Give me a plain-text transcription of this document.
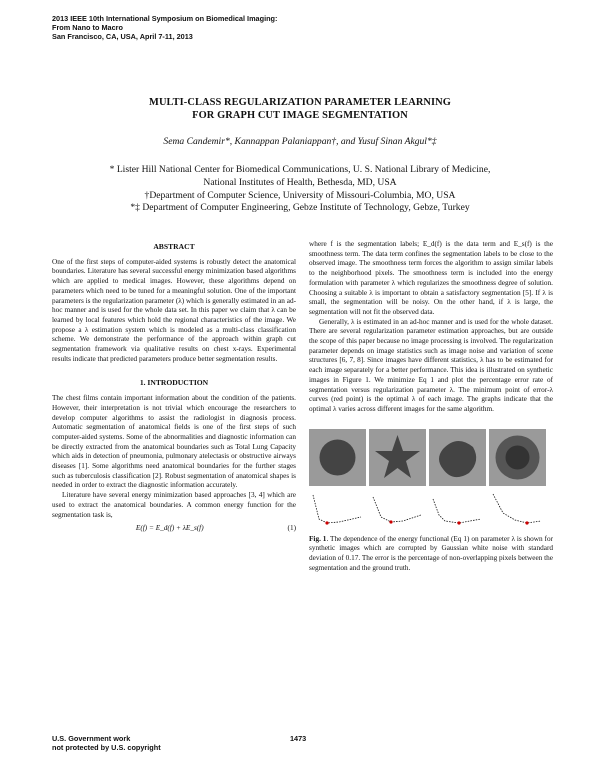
2013 IEEE 10th International Symposium on Biomedical Imaging:
From Nano to Macro
San Francisco, CA, USA, April 7-11, 2013
MULTI-CLASS REGULARIZATION PARAMETER LEARNING
FOR GRAPH CUT IMAGE SEGMENTATION
Sema Candemir*, Kannappan Palaniappan†, and Yusuf Sinan Akgul*‡
* Lister Hill National Center for Biomedical Communications, U. S. National Library of Medicine,
National Institutes of Health, Bethesda, MD, USA
†Department of Computer Science, University of Missouri-Columbia, MO, USA
*‡ Department of Computer Engineering, Gebze Institute of Technology, Gebze, Turkey
ABSTRACT

One of the first steps of computer-aided systems is robustly detect the anatomical boundaries. Literature has several successful energy minimization based algorithms which are applied to medical images. However, these algorithms depend on parameters which need to be tuned for a meaningful solution. One of the important parameters is the regularization parameter (λ) which is generally estimated in an ad-hoc manner and is used for the whole data set. In this paper we claim that λ can be learned by local features which hold the regional characteristics of the image. We propose a λ estimation system which is modeled as a multi-class classification scheme. We demonstrate the performance of the approach within graph cut segmentation framework via qualitative results on chest x-rays. Experimental results indicate that predicted parameters produce better segmentation results.

1. INTRODUCTION

The chest films contain important information about the condition of the patients. However, their interpretation is not trivial which encourage the researchers to develop computer algorithms to assist the radiologist in diagnosis process. Automatic segmentation of anatomical fields is one of the first steps of such computer-aided systems. Some of the abnormalities and diagnostic information can be directly extracted from the anatomical boundaries such as Total Lung Capacity which aids in detection of pneumonia, pulmonary atelectasis or obstructive airways diseases [1]. Some algorithms need anatomical boundaries for the further stages such as tuberculosis classification [2]. Robust segmentation of anatomical shapes is needed in order to extract the diagnostic information accurately.

Literature have several energy minimization based approaches [3, 4] which are used to extract the anatomical boundaries. A common energy function for the segmentation task is,

E(f) = E_d(f) + λE_s(f)	(1)

where f is the segmentation labels; E_d(f) is the data term and E_s(f) is the smoothness term. The data term confines the segmentation labels to be close to the observed image. The smoothness term forces the algorithm to assign similar labels to the neighborhood pixels. The smoothness term is included into the energy formulation with parameter λ which regularizes the smoothness degree of solution. Choosing a suitable λ is important to obtain a satisfactory segmentation [5]. If λ is small, the segmentation will be noisy. On the other hand, if λ is large, the segmentation will not fit the observed data.

Generally, λ is estimated in an ad-hoc manner and is used for the whole dataset. There are several regularization parameter estimation approaches, but are outside the scope of this paper because no image processing is involved. The regularization parameter depends on image statistics such as image noise and variation of scene structures [6, 7, 8]. Since images have different statistics, λ has to be estimated for each image separately for a better performance. This idea is illustrated on synthetic images in Figure 1. We minimize Eq 1 and plot the percentage error rate of segmentation versus regularization parameter λ. The minimum point of error-λ curves (red point) is the optimal λ of each image. The graphs indicate that the optimal λ varies across different images for the same algorithm.

Fig. 1. The dependence of the energy functional (Eq 1) on parameter λ is shown for synthetic images which are corrupted by Gaussian white noise with standard deviation of 0.17. The error is the percentage of non-overlapping pixels between the segmentation and the ground truth.

U.S. Government work
not protected by U.S. copyright
1473
